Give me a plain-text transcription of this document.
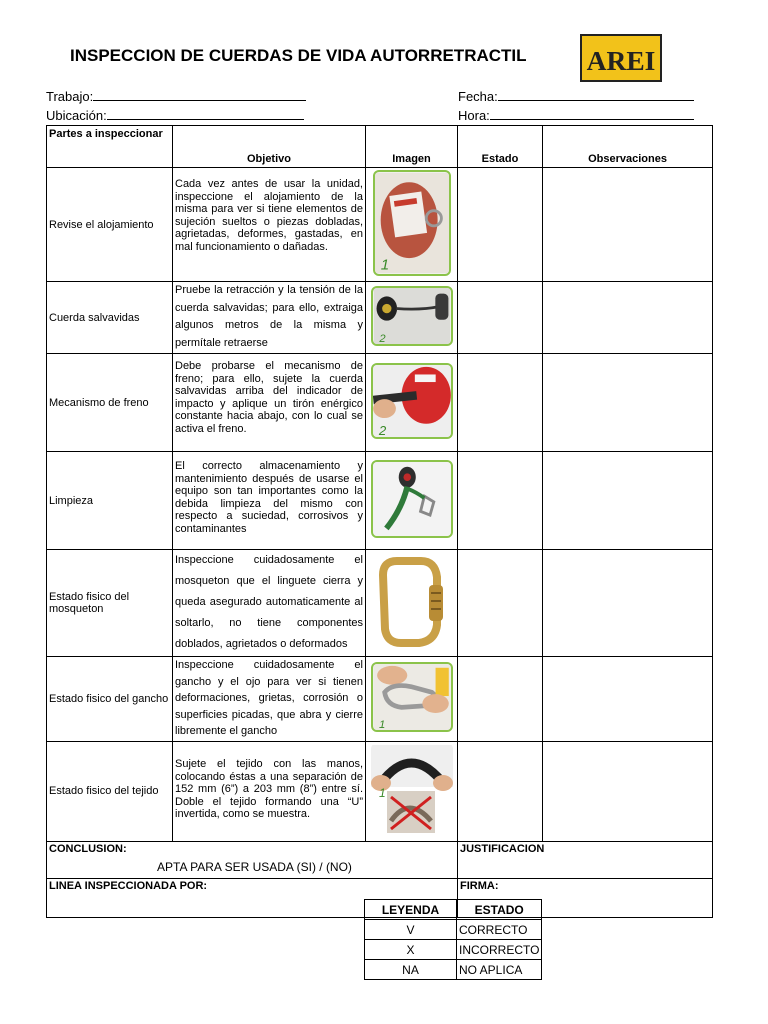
INSPECCION DE CUERDAS DE VIDA AUTORRETRACTIL AREI
Trabajo:
Ubicación:
Fecha:
Hora:
Partes a inspeccionar	Objetivo	Imagen	Estado	Observaciones
Revise el alojamiento	Cada vez antes de usar la unidad, inspeccione el alojamiento de la misma para ver si tiene elementos de sujeción sueltos o piezas dobladas, agrietadas, deformes, gastadas, en mal funcionamiento o dañadas.	1		

Cuerda salvavidas	Pruebe la retracción y la tensión de la cuerda salvavidas; para ello, extraiga algunos metros de la misma y permítale retraerse	2		

Mecanismo de freno	Debe probarse el mecanismo de freno; para ello, sujete la cuerda salvavidas arriba del indicador de impacto y aplique un tirón enérgico constante hacia abajo, con lo cual se activa el freno.	2		

Limpieza	El correcto almacenamiento y mantenimiento después de usarse el equipo son tan importantes como la debida limpieza del mismo con respecto a suciedad, corrosivos y contaminantes	

Estado fisico del mosqueton	Inspeccione cuidadosamente el mosqueton que el linguete cierra y queda asegurado automaticamente al soltarlo, no tiene componentes doblados, agrietados o deformados	

Estado fisico del gancho	Inspeccione cuidadosamente el gancho y el ojo para ver si tienen deformaciones, grietas, corrosión o superficies picadas, que abra y cierre libremente el gancho	1		

Estado fisico del tejido	Sujete el tejido con las manos, colocando éstas a una separación de 152 mm (6”) a 203 mm (8”) entre sí. Doble el tejido formando una “U” invertida, como se muestra.	1		

CONCLUSION:
APTA PARA SER USADA (SI) / (NO)			JUSTIFICACION	
LINEA INSPECCIONADA POR:			FIRMA:	
LEYENDA	ESTADO
V	CORRECTO
X	INCORRECTO
NA	NO APLICA
